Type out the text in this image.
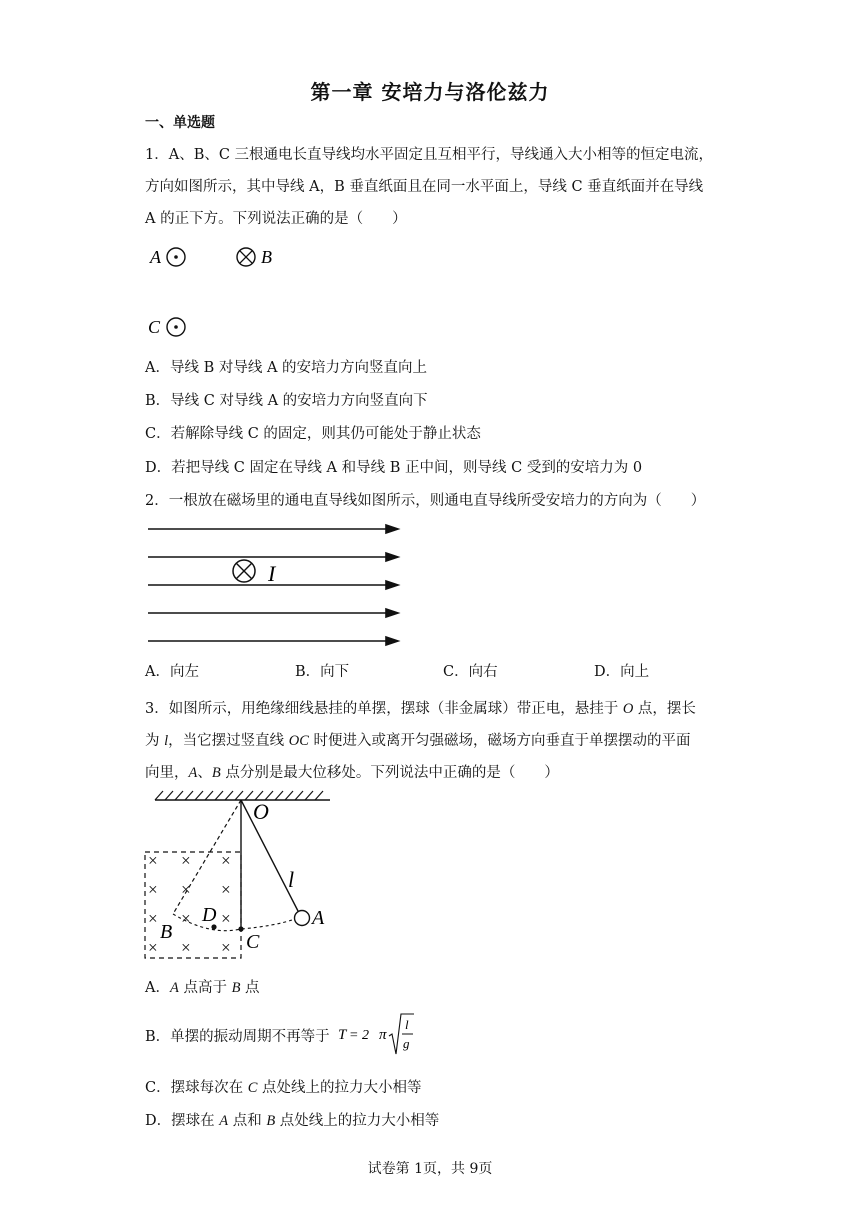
第一章 安培力与洛伦兹力
一、单选题
1．A、B、C 三根通电长直导线均水平固定且互相平行，导线通入大小相等的恒定电流，
方向如图所示，其中导线 A，B 垂直纸面且在同一水平面上，导线 C 垂直纸面并在导线
A 的正下方。下列说法正确的是（　　）
A	B
C
A．导线 B 对导线 A 的安培力方向竖直向上
B．导线 C 对导线 A 的安培力方向竖直向下
C．若解除导线 C 的固定，则其仍可能处于静止状态
D．若把导线 C 固定在导线 A 和导线 B 正中间，则导线 C 受到的安培力为 0
2．一根放在磁场里的通电直导线如图所示，则通电直导线所受安培力的方向为（　　）
I
A．向左	B．向下	C．向右	D．向上
3．如图所示，用绝缘细线悬挂的单摆，摆球（非金属球）带正电，悬挂于 O 点，摆长
为 l，当它摆过竖直线 OC 时便进入或离开匀强磁场，磁场方向垂直于单摆摆动的平面
向里，A、B 点分别是最大位移处。下列说法中正确的是（　　）
× × ×
× × ×
× × ×
× × ×
O
l
A
B
D
C
A．A 点高于 B 点
B．单摆的振动周期不再等于 T = 2 π
l
g
C．摆球每次在 C 点处线上的拉力大小相等
D．摆球在 A 点和 B 点处线上的拉力大小相等
试卷第 1页，共 9页
